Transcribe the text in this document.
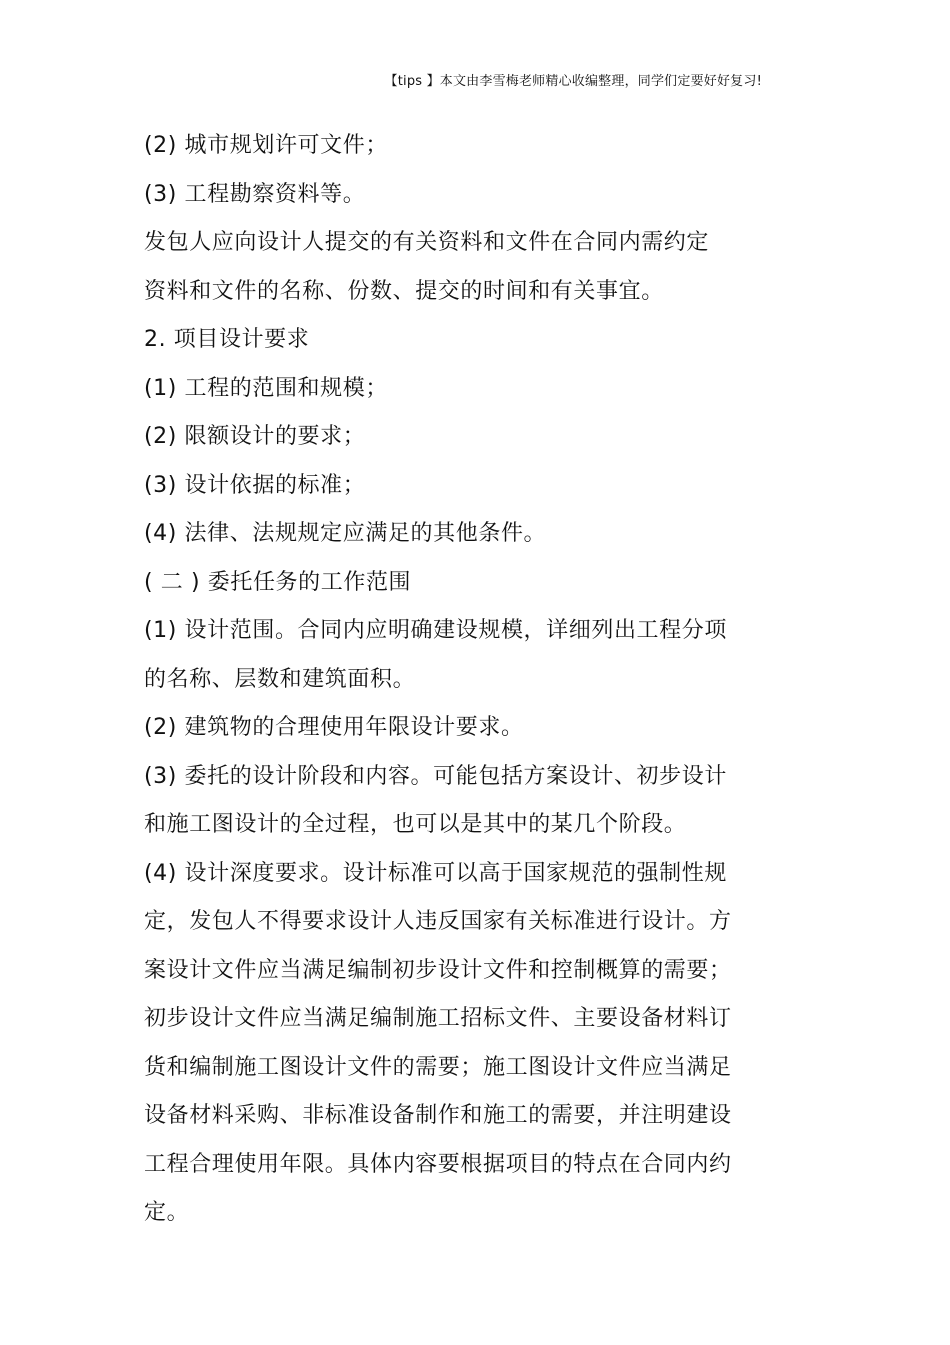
【tips 】本文由李雪梅老师精心收编整理，同学们定要好好复习!
(2) 城市规划许可文件；
(3) 工程勘察资料等。
发包人应向设计人提交的有关资料和文件在合同内需约定
资料和文件的名称、份数、提交的时间和有关事宜。
2. 项目设计要求
(1) 工程的范围和规模；
(2) 限额设计的要求；
(3) 设计依据的标准；
(4) 法律、法规规定应满足的其他条件。
( 二 ) 委托任务的工作范围
(1) 设计范围。合同内应明确建设规模，详细列出工程分项
的名称、层数和建筑面积。
(2) 建筑物的合理使用年限设计要求。
(3) 委托的设计阶段和内容。可能包括方案设计、初步设计
和施工图设计的全过程，也可以是其中的某几个阶段。
(4) 设计深度要求。设计标准可以高于国家规范的强制性规
定，发包人不得要求设计人违反国家有关标准进行设计。方
案设计文件应当满足编制初步设计文件和控制概算的需要；
初步设计文件应当满足编制施工招标文件、主要设备材料订
货和编制施工图设计文件的需要；施工图设计文件应当满足
设备材料采购、非标准设备制作和施工的需要，并注明建设
工程合理使用年限。具体内容要根据项目的特点在合同内约
定。
